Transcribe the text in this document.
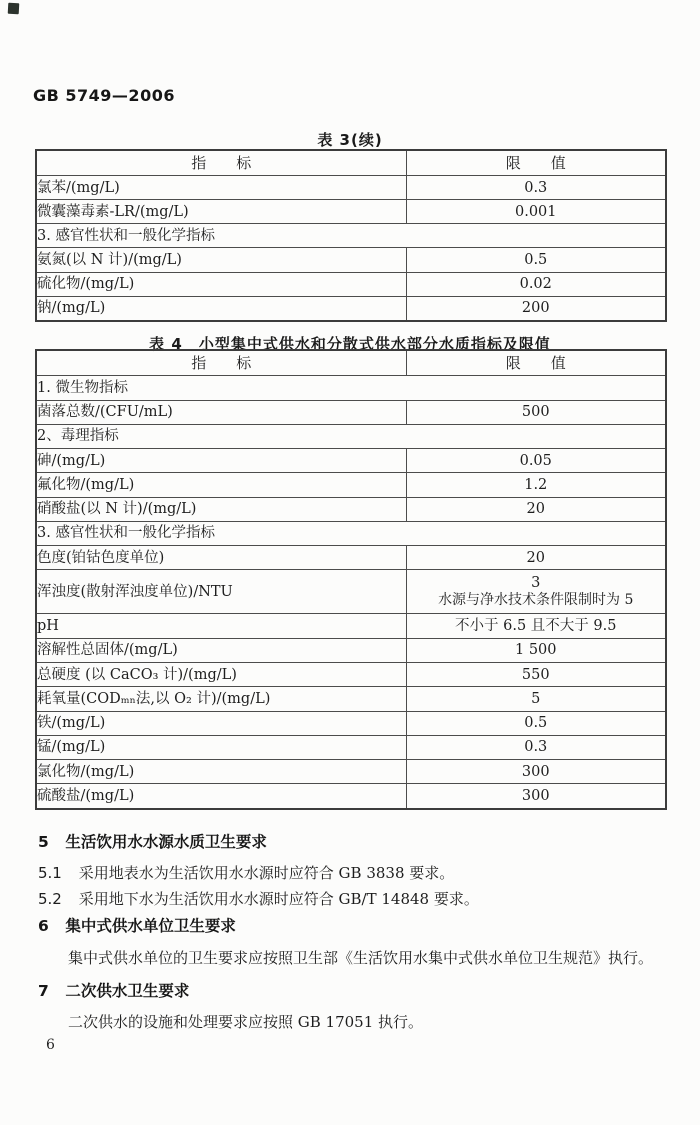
GB 5749—2006
表 3(续)
指　　标	限　　值
氯苯/(mg/L)	0.3
微囊藻毒素-LR/(mg/L)	0.001
3. 感官性状和一般化学指标	
氨氮(以 N 计)/(mg/L)	0.5
硫化物/(mg/L)	0.02
钠/(mg/L)	200
表 4　小型集中式供水和分散式供水部分水质指标及限值
指　　标	限　　值
1. 微生物指标	
菌落总数/(CFU/mL)	500
2、毒理指标	
砷/(mg/L)	0.05
氟化物/(mg/L)	1.2
硝酸盐(以 N 计)/(mg/L)	20
3. 感官性状和一般化学指标	
色度(铂钴色度单位)	20
浑浊度(散射浑浊度单位)/NTU	3
水源与净水技术条件限制时为 5

pH	不小于 6.5 且不大于 9.5
溶解性总固体/(mg/L)	1 500
总硬度 (以 CaCO₃ 计)/(mg/L)	550
耗氧量(CODₘₙ法,以 O₂ 计)/(mg/L)	5
铁/(mg/L)	0.5
锰/(mg/L)	0.3
氯化物/(mg/L)	300
硫酸盐/(mg/L)	300
5 生活饮用水水源水质卫生要求
5.1 采用地表水为生活饮用水水源时应符合 GB 3838 要求。
5.2 采用地下水为生活饮用水水源时应符合 GB/T 14848 要求。
6 集中式供水单位卫生要求
集中式供水单位的卫生要求应按照卫生部《生活饮用水集中式供水单位卫生规范》执行。
7 二次供水卫生要求
二次供水的设施和处理要求应按照 GB 17051 执行。
6
